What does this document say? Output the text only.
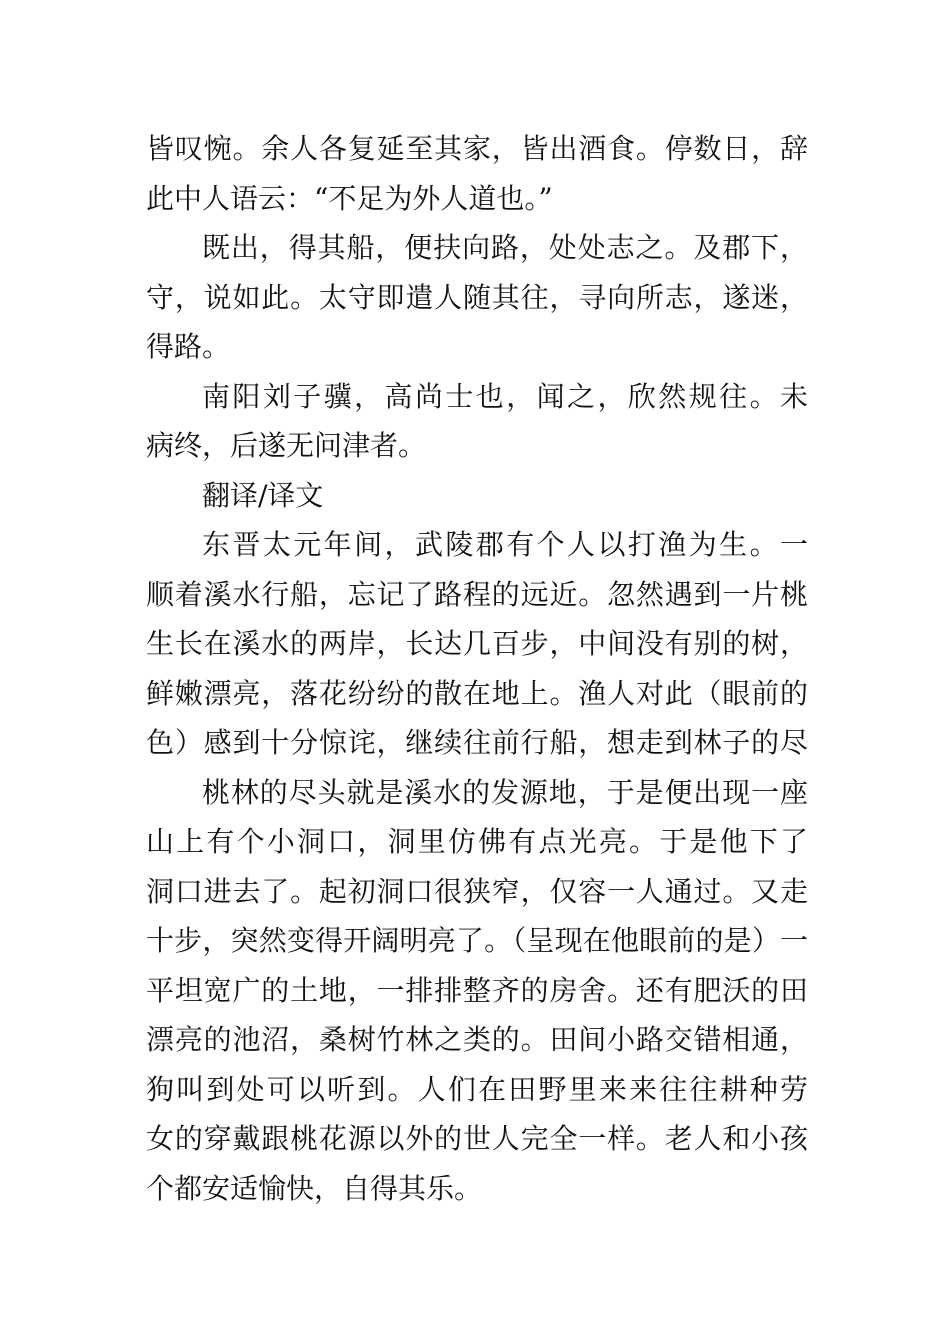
皆叹惋。余人各复延至其家，皆出酒食。停数日，辞
此中人语云：“不足为外人道也。”
既出，得其船，便扶向路，处处志之。及郡下，
守，说如此。太守即遣人随其往，寻向所志，遂迷，
得路。
南阳刘子骥，高尚士也，闻之，欣然规往。未
病终，后遂无问津者。
翻译/译文
东晋太元年间，武陵郡有个人以打渔为生。一
顺着溪水行船，忘记了路程的远近。忽然遇到一片桃
生长在溪水的两岸，长达几百步，中间没有别的树，
鲜嫩漂亮，落花纷纷的散在地上。渔人对此（眼前的
色）感到十分惊诧，继续往前行船，想走到林子的尽
桃林的尽头就是溪水的发源地，于是便出现一座
山上有个小洞口，洞里仿佛有点光亮。于是他下了
洞口进去了。起初洞口很狭窄，仅容一人通过。又走
十步，突然变得开阔明亮了。（呈现在他眼前的是）一
平坦宽广的土地，一排排整齐的房舍。还有肥沃的田
漂亮的池沼，桑树竹林之类的。田间小路交错相通，
狗叫到处可以听到。人们在田野里来来往往耕种劳
女的穿戴跟桃花源以外的世人完全一样。老人和小孩
个都安适愉快，自得其乐。
